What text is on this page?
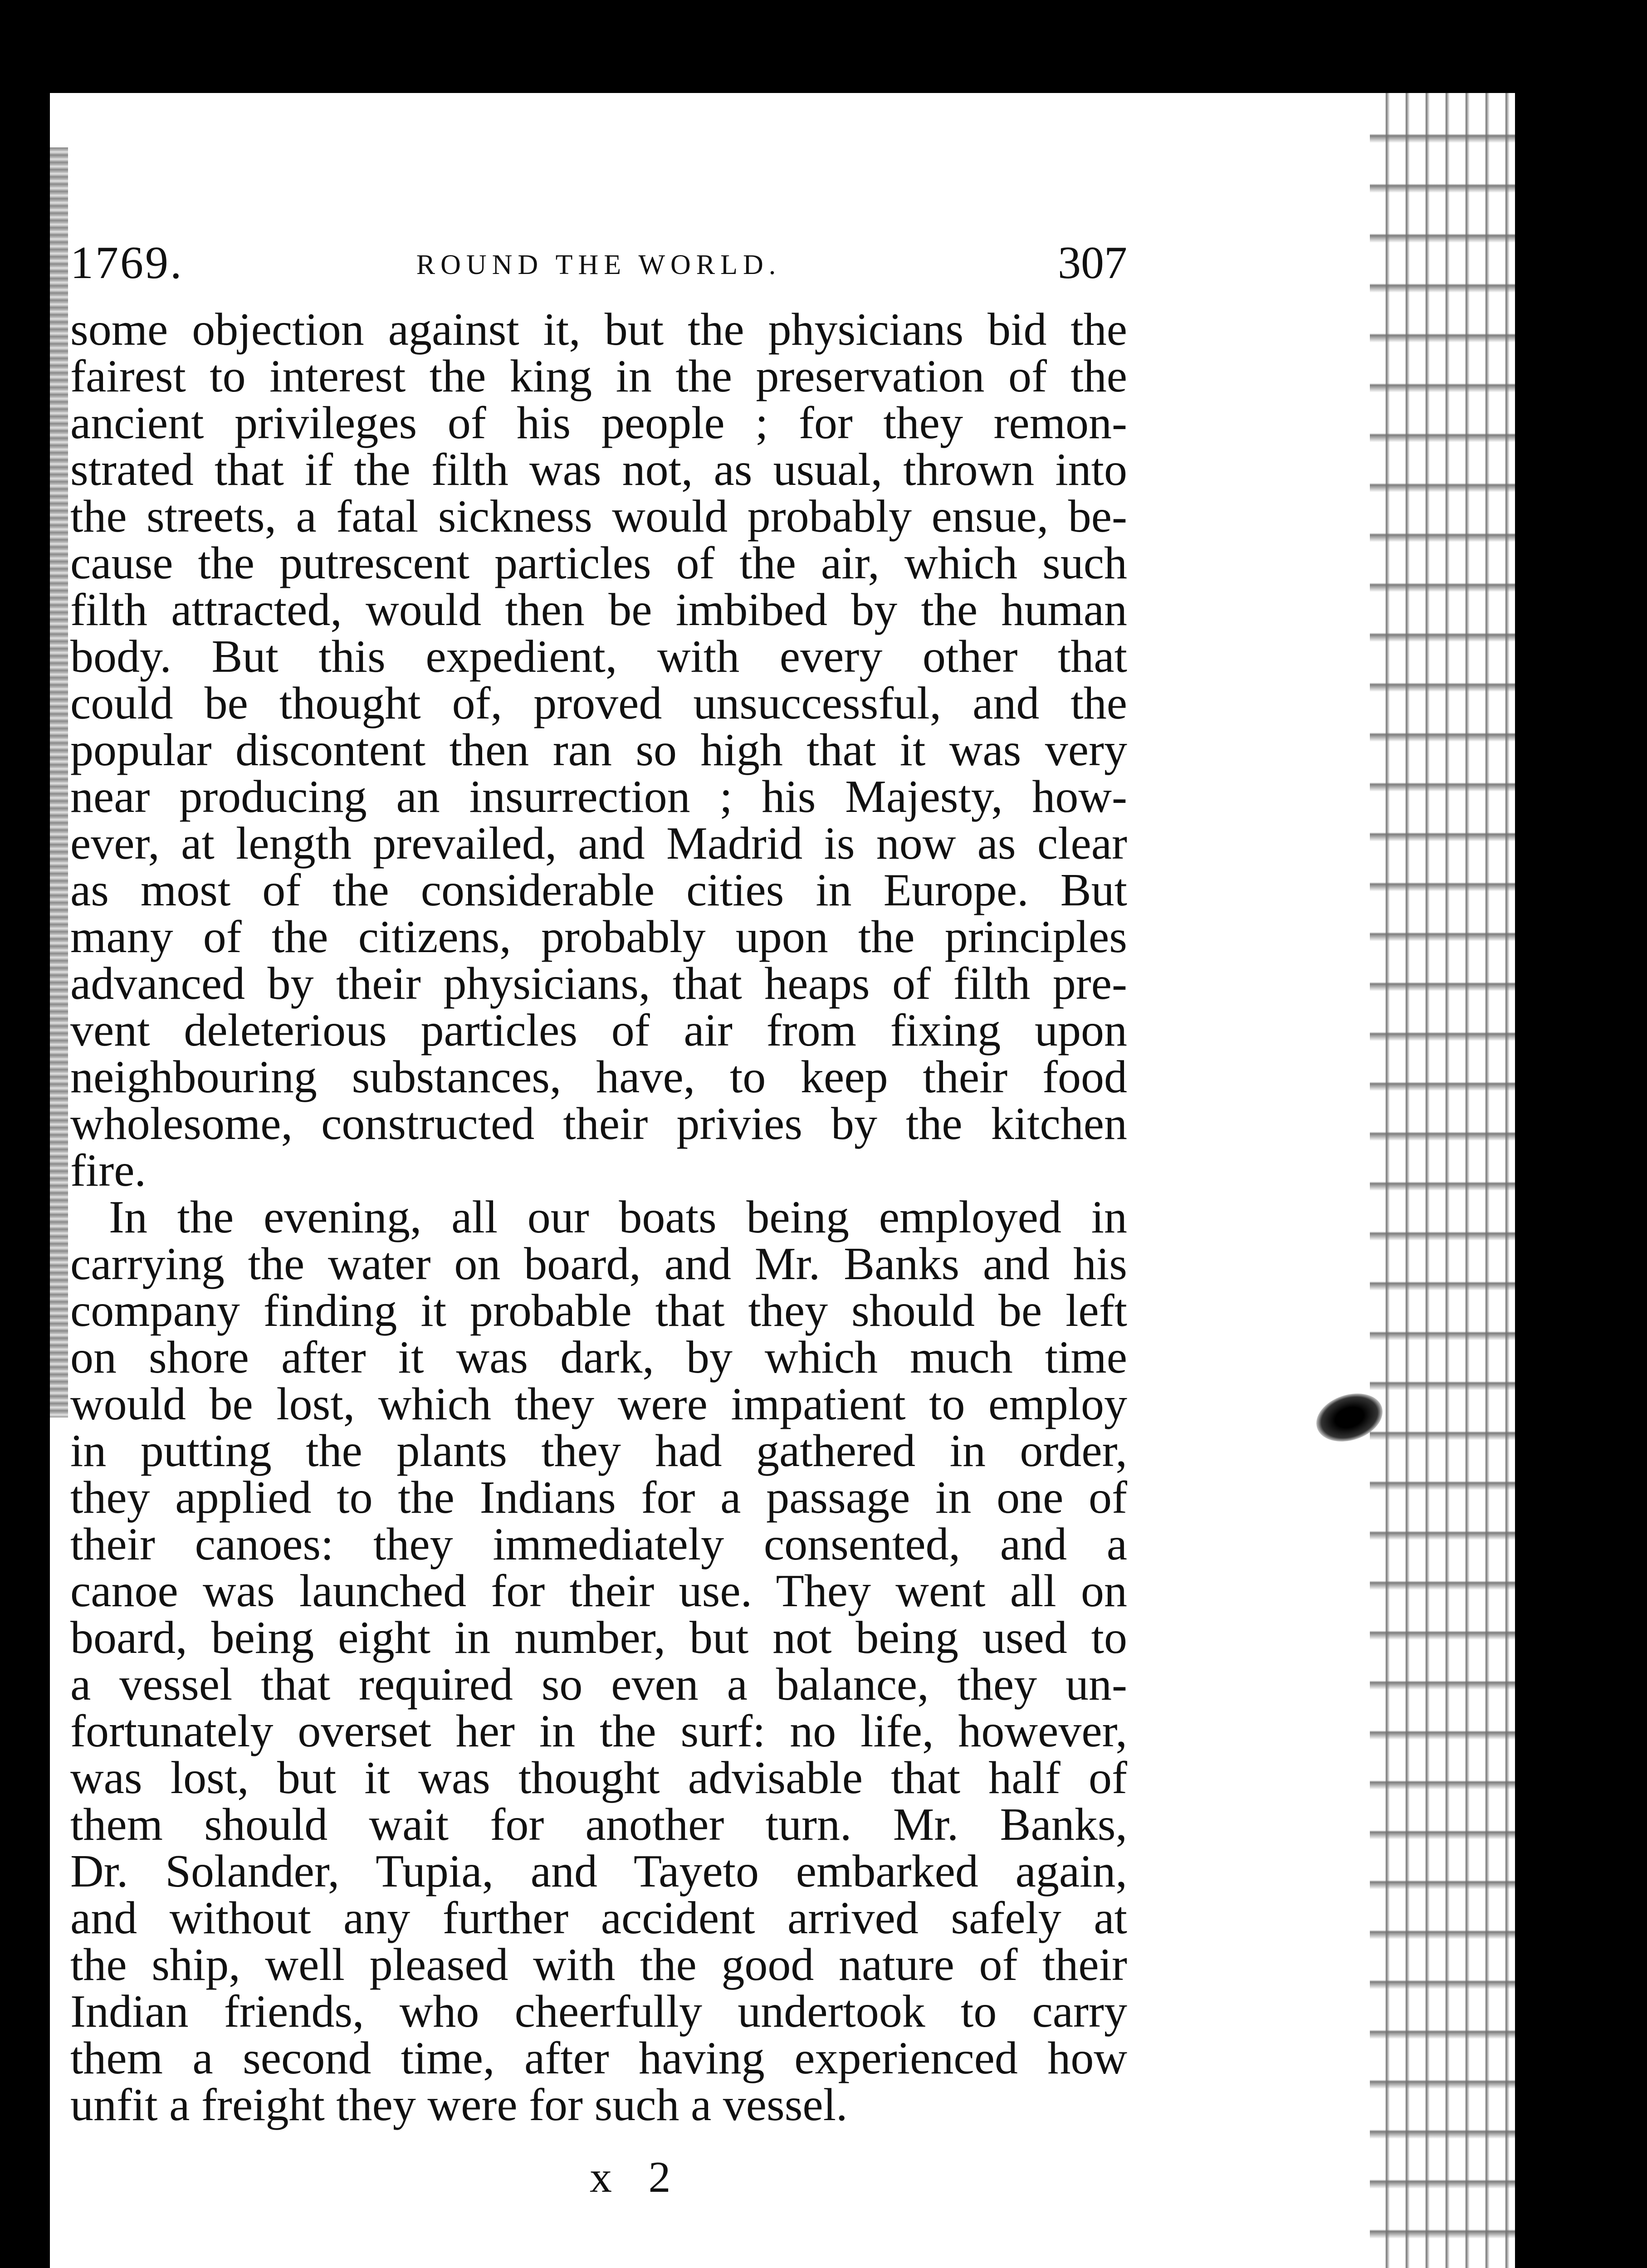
1769.	ROUND THE WORLD.	307
some objection against it, but the physicians bid the
fairest to interest the king in the preservation of the
ancient privileges of his people ; for they remon-
strated that if the filth was not, as usual, thrown into
the streets, a fatal sickness would probably ensue, be-
cause the putrescent particles of the air, which such
filth attracted, would then be imbibed by the human
body. But this expedient, with every other that
could be thought of, proved unsuccessful, and the
popular discontent then ran so high that it was very
near producing an insurrection ; his Majesty, how-
ever, at length prevailed, and Madrid is now as clear
as most of the considerable cities in Europe. But
many of the citizens, probably upon the principles
advanced by their physicians, that heaps of filth pre-
vent deleterious particles of air from fixing upon
neighbouring substances, have, to keep their food
wholesome, constructed their privies by the kitchen
fire.
In the evening, all our boats being employed in
carrying the water on board, and Mr. Banks and his
company finding it probable that they should be left
on shore after it was dark, by which much time
would be lost, which they were impatient to employ
in putting the plants they had gathered in order,
they applied to the Indians for a passage in one of
their canoes: they immediately consented, and a
canoe was launched for their use. They went all on
board, being eight in number, but not being used to
a vessel that required so even a balance, they un-
fortunately overset her in the surf: no life, however,
was lost, but it was thought advisable that half of
them should wait for another turn. Mr. Banks,
Dr. Solander, Tupia, and Tayeto embarked again,
and without any further accident arrived safely at
the ship, well pleased with the good nature of their
Indian friends, who cheerfully undertook to carry
them a second time, after having experienced how
unfit a freight they were for such a vessel.
x 2
